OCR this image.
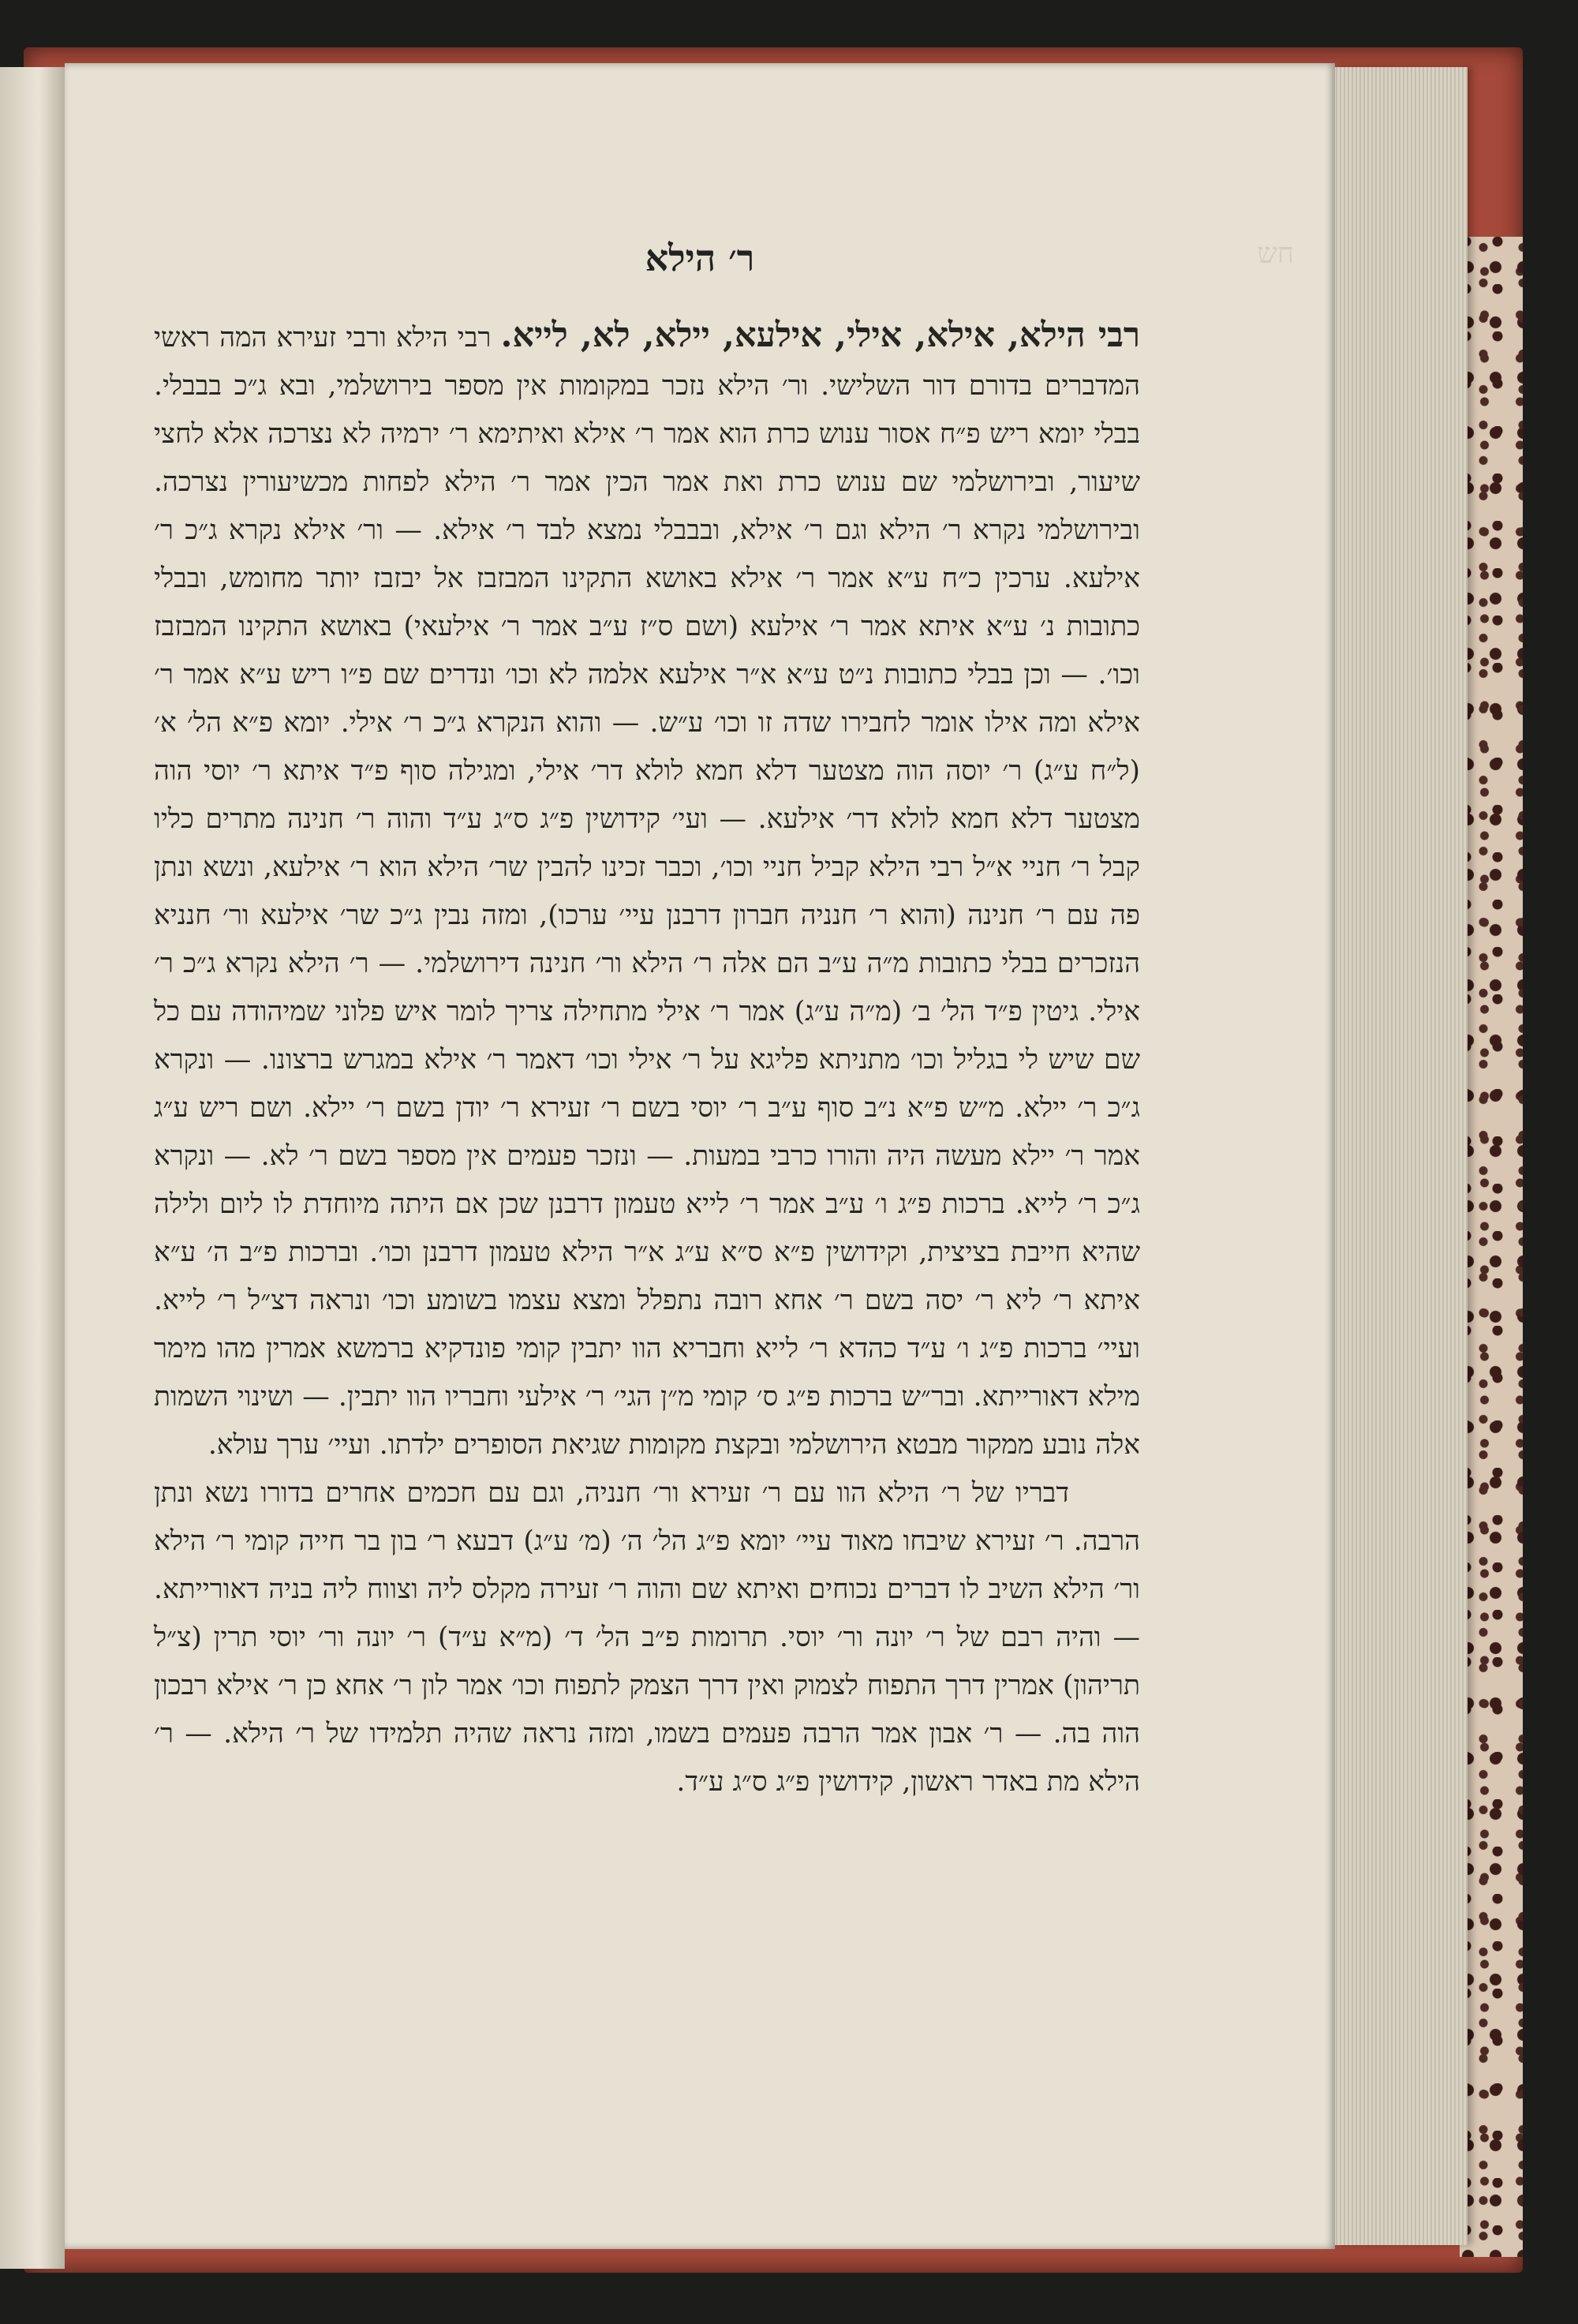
חש
ר׳ הילא

רבי הילא, אילא, אילי, אילעא, יילא, לא, לייא. רבי הילא ורבי זעירא המה ראשי המדברים בדורם דור השלישי. ור׳ הילא נזכר במקומות אין מספר בירושלמי, ובא ג״כ בבבלי. בבלי יומא ריש פ״ח אסור ענוש כרת הוא אמר ר׳ אילא ואיתימא ר׳ ירמיה לא נצרכה אלא לחצי שיעור, ובירושלמי שם ענוש כרת ואת אמר הכין אמר ר׳ הילא לפחות מכשיעורין נצרכה. ובירושלמי נקרא ר׳ הילא וגם ר׳ אילא, ובבבלי נמצא לבד ר׳ אילא. — ור׳ אילא נקרא ג״כ ר׳ אילעא. ערכין כ״ח ע״א אמר ר׳ אילא באושא התקינו המבזבז אל יבזבז יותר מחומש, ובבלי כתובות נ׳ ע״א איתא אמר ר׳ אילעא (ושם ס״ז ע״ב אמר ר׳ אילעאי) באושא התקינו המבזבז וכו׳. — וכן בבלי כתובות נ״ט ע״א א״ר אילעא אלמה לא וכו׳ ונדרים שם פ״ו ריש ע״א אמר ר׳ אילא ומה אילו אומר לחבירו שדה זו וכו׳ ע״ש. — והוא הנקרא ג״כ ר׳ אילי. יומא פ״א הל׳ א׳ (ל״ח ע״ג) ר׳ יוסה הוה מצטער דלא חמא לולא דר׳ אילי, ומגילה סוף פ״ד איתא ר׳ יוסי הוה מצטער דלא חמא לולא דר׳ אילעא. — ועי׳ קידושין פ״ג ס״ג ע״ד והוה ר׳ חנינה מתרים כליו קבל ר׳ חניי א״ל רבי הילא קביל חניי וכו׳, וכבר זכינו להבין שר׳ הילא הוא ר׳ אילעא, ונשא ונתן פה עם ר׳ חנינה (והוא ר׳ חנניה חברון דרבנן עיי׳ ערכו), ומזה נבין ג״כ שר׳ אילעא ור׳ חנניא הנזכרים בבלי כתובות מ״ה ע״ב הם אלה ר׳ הילא ור׳ חנינה דירושלמי. — ר׳ הילא נקרא ג״כ ר׳ אילי. גיטין פ״ד הל׳ ב׳ (מ״ה ע״ג) אמר ר׳ אילי מתחילה צריך לומר איש פלוני שמיהודה עם כל שם שיש לי בגליל וכו׳ מתניתא פליגא על ר׳ אילי וכו׳ דאמר ר׳ אילא במגרש ברצונו. — ונקרא ג״כ ר׳ יילא. מ״ש פ״א נ״ב סוף ע״ב ר׳ יוסי בשם ר׳ זעירא ר׳ יודן בשם ר׳ יילא. ושם ריש ע״ג אמר ר׳ יילא מעשה היה והורו כרבי במעות. — ונזכר פעמים אין מספר בשם ר׳ לא. — ונקרא ג״כ ר׳ לייא. ברכות פ״ג ו׳ ע״ב אמר ר׳ לייא טעמון דרבנן שכן אם היתה מיוחדת לו ליום ולילה שהיא חייבת בציצית, וקידושין פ״א ס״א ע״ג א״ר הילא טעמון דרבנן וכו׳. וברכות פ״ב ה׳ ע״א איתא ר׳ ליא ר׳ יסה בשם ר׳ אחא רובה נתפלל ומצא עצמו בשומע וכו׳ ונראה דצ״ל ר׳ לייא. ועיי׳ ברכות פ״ג ו׳ ע״ד כהדא ר׳ לייא וחבריא הוו יתבין קומי פונדקיא ברמשא אמרין מהו מימר מילא דאורייתא. ובר״ש ברכות פ״ג ס׳ קומי מ״ן הגי׳ ר׳ אילעי וחבריו הוו יתבין. — ושינוי השמות אלה נובע ממקור מבטא הירושלמי ובקצת מקומות שגיאת הסופרים ילדתו. ועיי׳ ערך עולא.

דבריו של ר׳ הילא הוו עם ר׳ זעירא ור׳ חנניה, וגם עם חכמים אחרים בדורו נשא ונתן הרבה. ר׳ זעירא שיבחו מאוד עיי׳ יומא פ״ג הל׳ ה׳ (מ׳ ע״ג) דבעא ר׳ בון בר חייה קומי ר׳ הילא ור׳ הילא השיב לו דברים נכוחים ואיתא שם והוה ר׳ זעירה מקלס ליה וצווח ליה בניה דאורייתא. — והיה רבם של ר׳ יונה ור׳ יוסי. תרומות פ״ב הל׳ ד׳ (מ״א ע״ד) ר׳ יונה ור׳ יוסי תרין (צ״ל תריהון) אמרין דרך התפוח לצמוק ואין דרך הצמק לתפוח וכו׳ אמר לון ר׳ אחא כן ר׳ אילא רבכון הוה בה. — ר׳ אבון אמר הרבה פעמים בשמו, ומזה נראה שהיה תלמידו של ר׳ הילא. — ר׳ הילא מת באדר ראשון, קידושין פ״ג ס״ג ע״ד.
